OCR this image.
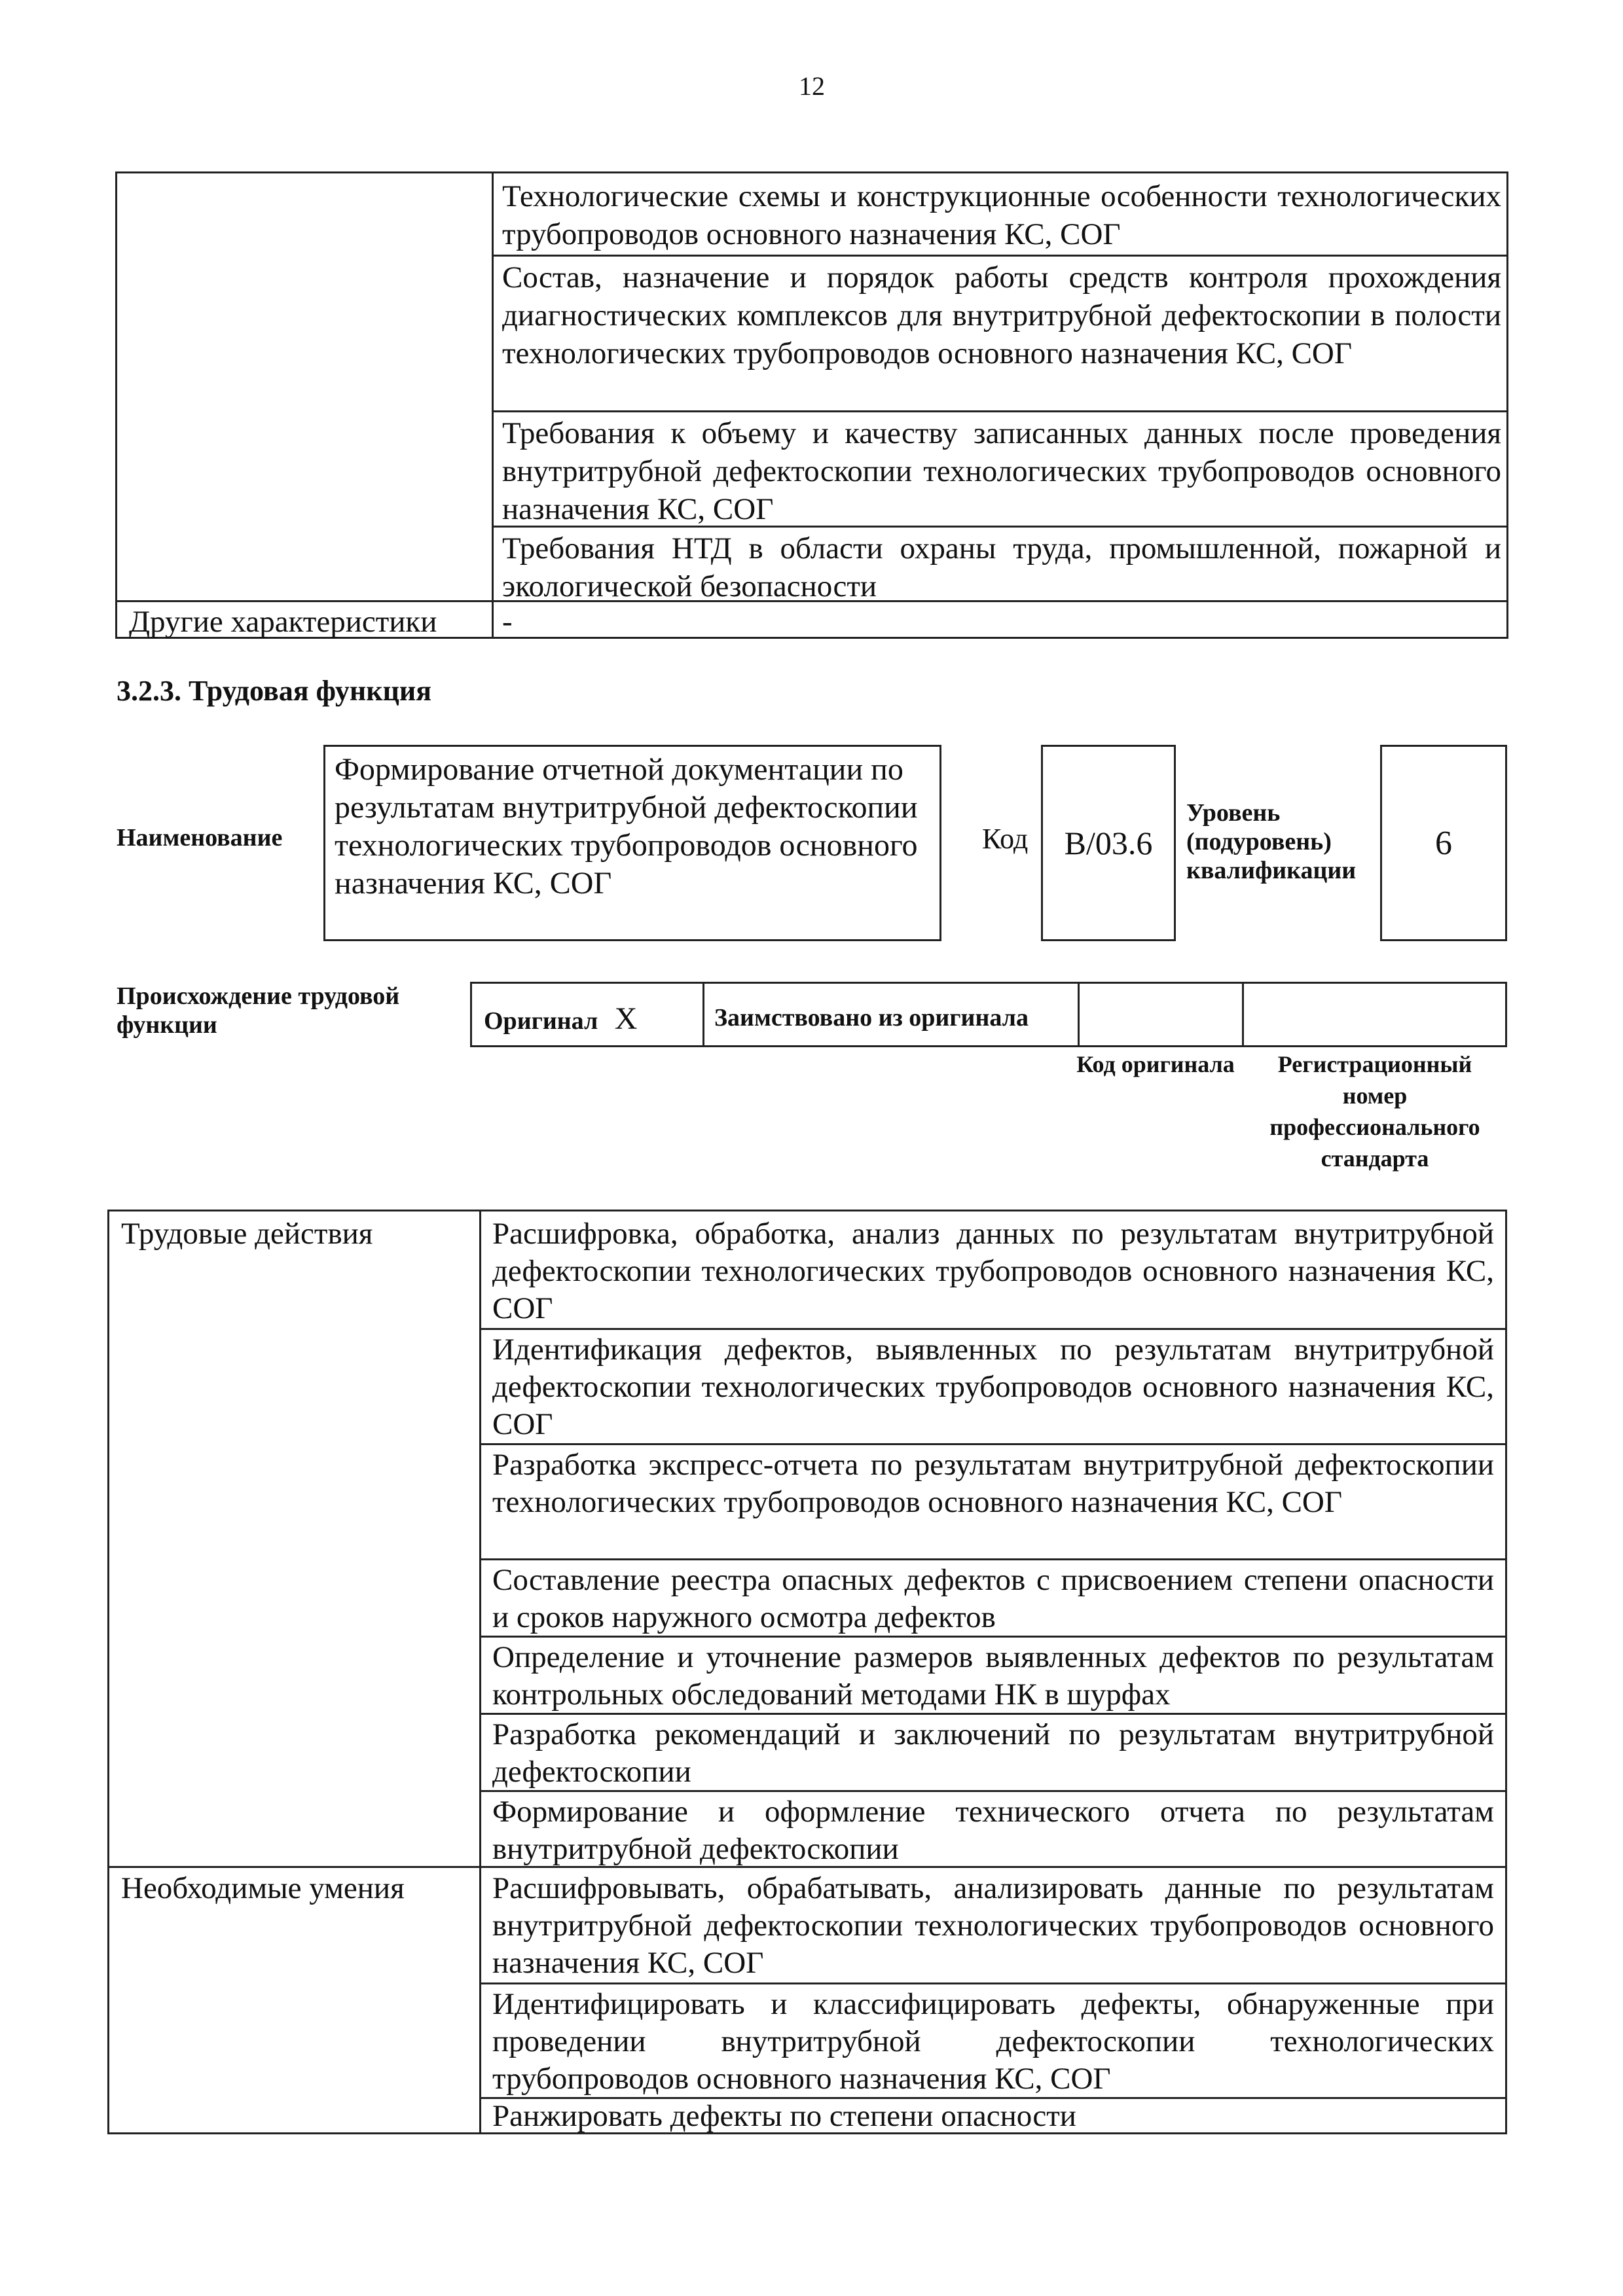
12
Технологические схемы и конструкционные особенности технологических трубопроводов основного назначения КС, СОГ
Состав, назначение и порядок работы средств контроля прохождения диагностических комплексов для внутритрубной дефектоскопии в полости технологических трубопроводов основного назначения КС, СОГ
Требования к объему и качеству записанных данных после проведения внутритрубной дефектоскопии технологических трубопроводов основного назначения КС, СОГ
Требования НТД в области охраны труда, промышленной, пожарной и экологической безопасности
Другие характеристики	-
3.2.3. Трудовая функция
Наименование
Формирование отчетной документации по результатам внутритрубной дефектоскопии технологических трубопроводов основного назначения КС, СОГ
Код	В/03.6
Уровень (подуровень) квалификации
6
Происхождение трудовой функции	Оригинал X	Заимствовано из оригинала
Код оригинала	Регистрационный номер профессионального стандарта
Трудовые действия	Расшифровка, обработка, анализ данных по результатам внутритрубной дефектоскопии технологических трубопроводов основного назначения КС, СОГ
Идентификация дефектов, выявленных по результатам внутритрубной дефектоскопии технологических трубопроводов основного назначения КС, СОГ
Разработка экспресс-отчета по результатам внутритрубной дефектоскопии технологических трубопроводов основного назначения КС, СОГ
Составление реестра опасных дефектов с присвоением степени опасности и сроков наружного осмотра дефектов
Определение и уточнение размеров выявленных дефектов по результатам контрольных обследований методами НК в шурфах
Разработка рекомендаций и заключений по результатам внутритрубной дефектоскопии
Формирование и оформление технического отчета по результатам внутритрубной дефектоскопии
Необходимые умения	Расшифровывать, обрабатывать, анализировать данные по результатам внутритрубной дефектоскопии технологических трубопроводов основного назначения КС, СОГ
Идентифицировать и классифицировать дефекты, обнаруженные при проведении внутритрубной дефектоскопии технологических трубопроводов основного назначения КС, СОГ
Ранжировать дефекты по степени опасности
